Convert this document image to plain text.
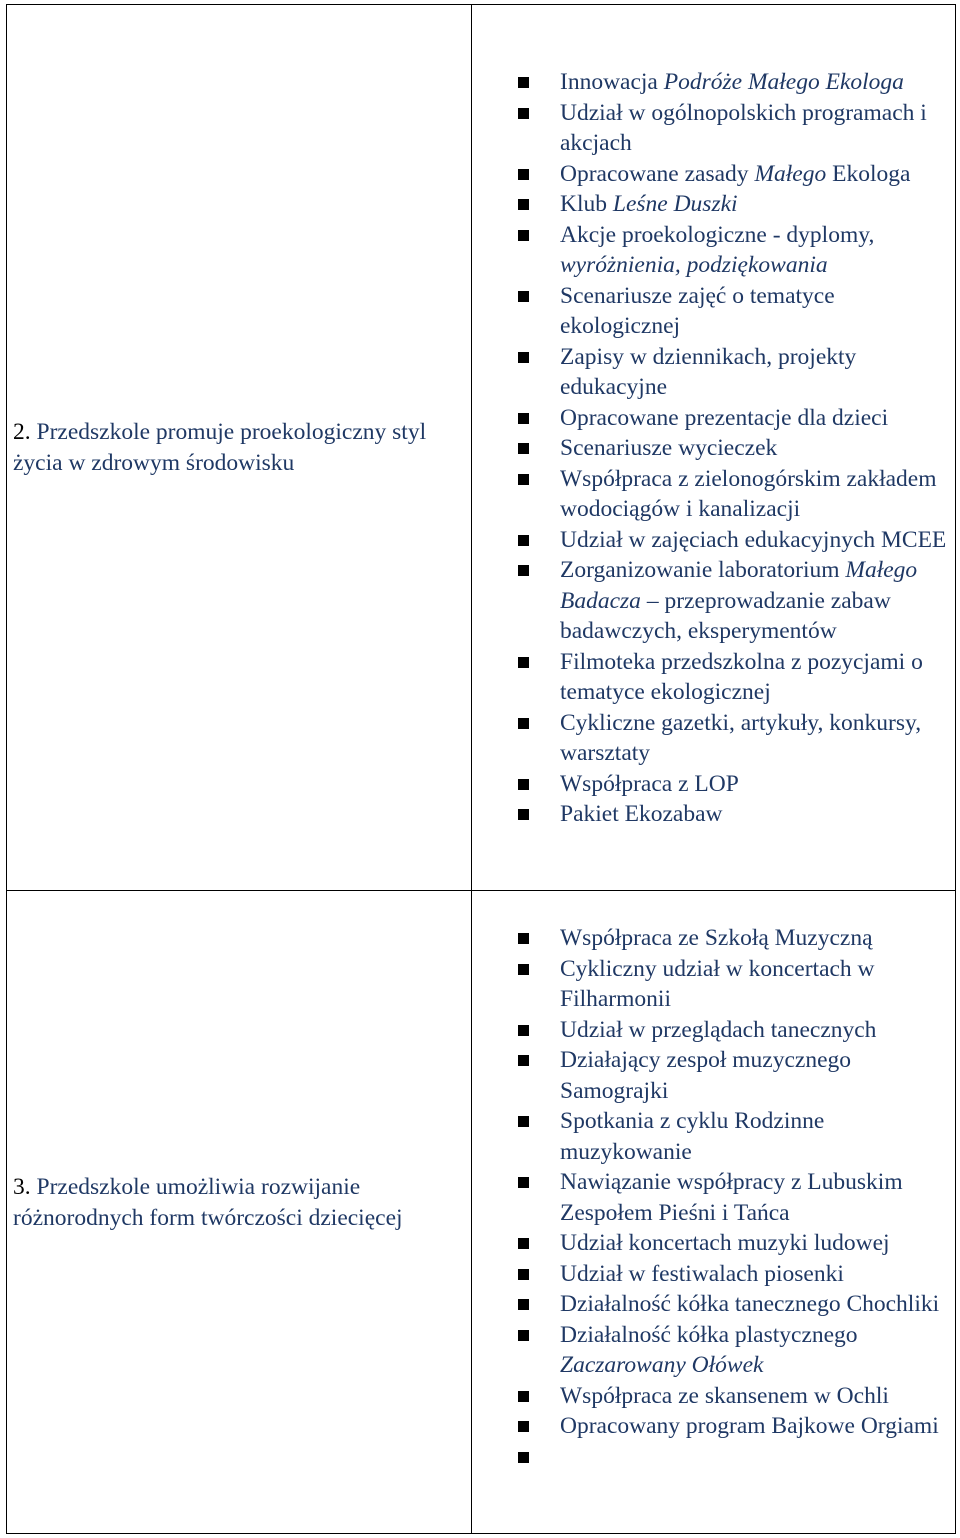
2. Przedszkole promuje proekologiczny styl życia w zdrowym środowisku
Innowacja Podróże Małego Ekologa
Udział w ogólnopolskich programach i akcjach
Opracowane zasady Małego Ekologa
Klub Leśne Duszki
Akcje proekologiczne - dyplomy, wyróżnienia, podziękowania
Scenariusze zajęć o tematyce ekologicznej
Zapisy w dziennikach, projekty edukacyjne
Opracowane prezentacje dla dzieci
Scenariusze wycieczek
Współpraca z zielonogórskim zakładem wodociągów i kanalizacji
Udział w zajęciach edukacyjnych MCEE
Zorganizowanie laboratorium Małego Badacza – przeprowadzanie zabaw badawczych, eksperymentów
Filmoteka przedszkolna z pozycjami o tematyce ekologicznej
Cykliczne gazetki, artykuły, konkursy, warsztaty
Współpraca z LOP
Pakiet Ekozabaw
3. Przedszkole umożliwia rozwijanie różnorodnych form twórczości dziecięcej
Współpraca ze Szkołą Muzyczną
Cykliczny udział w koncertach w Filharmonii
Udział w przeglądach tanecznych
Działający zespoł muzycznego Samograjki
Spotkania z cyklu Rodzinne muzykowanie
Nawiązanie współpracy z Lubuskim Zespołem Pieśni i Tańca
Udział koncertach muzyki ludowej
Udział w festiwalach piosenki
Działalność kółka tanecznego Chochliki
Działalność kółka plastycznego Zaczarowany Ołówek
Współpraca ze skansenem w Ochli
Opracowany program Bajkowe Orgiami
